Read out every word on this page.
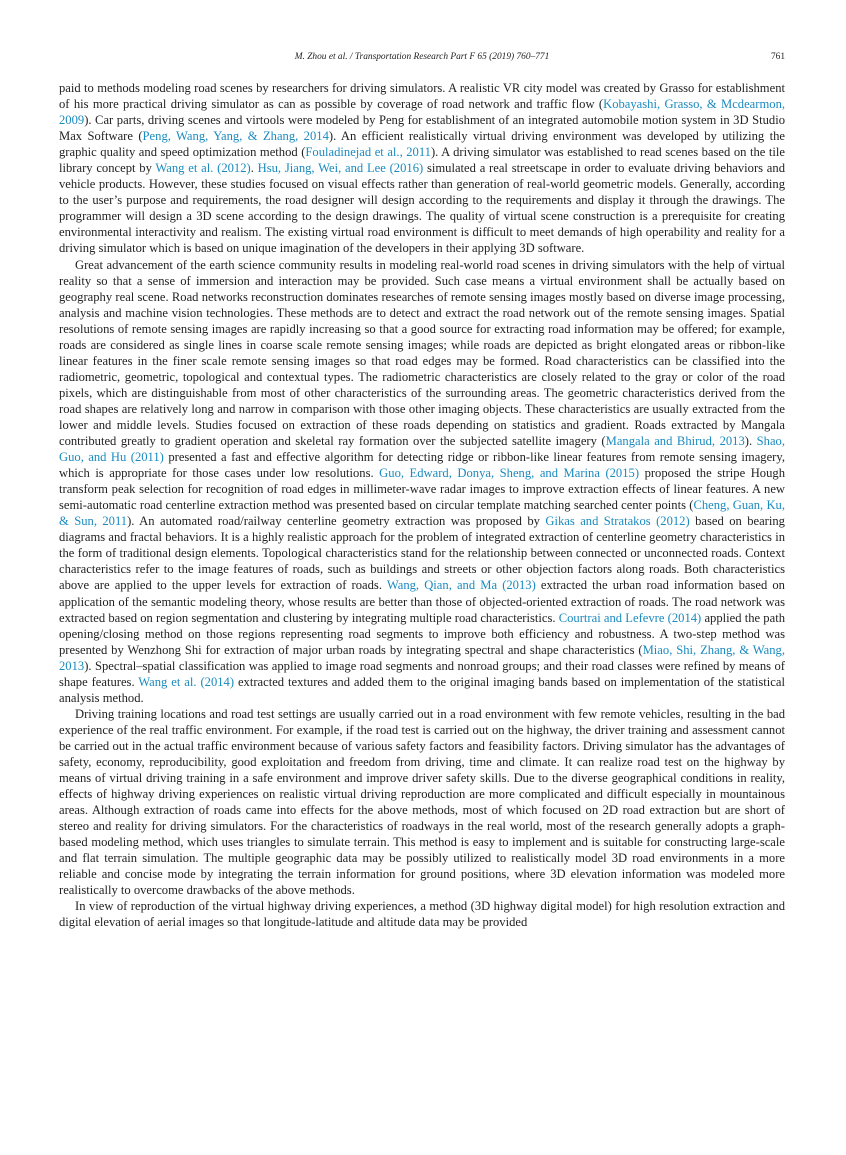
M. Zhou et al. / Transportation Research Part F 65 (2019) 760–771	761

paid to methods modeling road scenes by researchers for driving simulators. A realistic VR city model was created by Grasso for establishment of his more practical driving simulator as can as possible by coverage of road network and traffic flow (Kobayashi, Grasso, & Mcdearmon, 2009). Car parts, driving scenes and virtools were modeled by Peng for establishment of an integrated automobile motion system in 3D Studio Max Software (Peng, Wang, Yang, & Zhang, 2014). An efficient realistically virtual driving environment was developed by utilizing the graphic quality and speed optimization method (Fouladinejad et al., 2011). A driving simulator was established to read scenes based on the tile library concept by Wang et al. (2012). Hsu, Jiang, Wei, and Lee (2016) simulated a real streetscape in order to evaluate driving behaviors and vehicle products. However, these studies focused on visual effects rather than generation of real-world geometric models. Generally, according to the user’s purpose and requirements, the road designer will design according to the requirements and display it through the drawings. The programmer will design a 3D scene according to the design drawings. The quality of virtual scene construction is a prerequisite for creating environmental interactivity and realism. The existing virtual road environment is difficult to meet demands of high operability and reality for a driving simulator which is based on unique imagination of the developers in their applying 3D software.

Great advancement of the earth science community results in modeling real-world road scenes in driving simulators with the help of virtual reality so that a sense of immersion and interaction may be provided. Such case means a virtual environment shall be actually based on geography real scene. Road networks reconstruction dominates researches of remote sensing images mostly based on diverse image processing, analysis and machine vision technologies. These methods are to detect and extract the road network out of the remote sensing images. Spatial resolutions of remote sensing images are rapidly increasing so that a good source for extracting road information may be offered; for example, roads are considered as single lines in coarse scale remote sensing images; while roads are depicted as bright elongated areas or ribbon-like linear features in the finer scale remote sensing images so that road edges may be formed. Road characteristics can be classified into the radiometric, geometric, topological and contextual types. The radiometric characteristics are closely related to the gray or color of the road pixels, which are distinguishable from most of other characteristics of the surrounding areas. The geometric characteristics derived from the road shapes are relatively long and narrow in comparison with those other imaging objects. These characteristics are usually extracted from the lower and middle levels. Studies focused on extraction of these roads depending on statistics and gradient. Roads extracted by Mangala contributed greatly to gradient operation and skeletal ray formation over the subjected satellite imagery (Mangala and Bhirud, 2013). Shao, Guo, and Hu (2011) presented a fast and effective algorithm for detecting ridge or ribbon-like linear features from remote sensing imagery, which is appropriate for those cases under low resolutions. Guo, Edward, Donya, Sheng, and Marina (2015) proposed the stripe Hough transform peak selection for recognition of road edges in millimeter-wave radar images to improve extraction effects of linear features. A new semi-automatic road centerline extraction method was presented based on circular template matching searched center points (Cheng, Guan, Ku, & Sun, 2011). An automated road/railway centerline geometry extraction was proposed by Gikas and Stratakos (2012) based on bearing diagrams and fractal behaviors. It is a highly realistic approach for the problem of integrated extraction of centerline geometry characteristics in the form of traditional design elements. Topological characteristics stand for the relationship between connected or unconnected roads. Context characteristics refer to the image features of roads, such as buildings and streets or other objection factors along roads. Both characteristics above are applied to the upper levels for extraction of roads. Wang, Qian, and Ma (2013) extracted the urban road information based on application of the semantic modeling theory, whose results are better than those of objected-oriented extraction of roads. The road network was extracted based on region segmentation and clustering by integrating multiple road characteristics. Courtrai and Lefevre (2014) applied the path opening/closing method on those regions representing road segments to improve both efficiency and robustness. A two-step method was presented by Wenzhong Shi for extraction of major urban roads by integrating spectral and shape characteristics (Miao, Shi, Zhang, & Wang, 2013). Spectral–spatial classification was applied to image road segments and nonroad groups; and their road classes were refined by means of shape features. Wang et al. (2014) extracted textures and added them to the original imaging bands based on implementation of the statistical analysis method.

Driving training locations and road test settings are usually carried out in a road environment with few remote vehicles, resulting in the bad experience of the real traffic environment. For example, if the road test is carried out on the highway, the driver training and assessment cannot be carried out in the actual traffic environment because of various safety factors and feasibility factors. Driving simulator has the advantages of safety, economy, reproducibility, good exploitation and freedom from driving, time and climate. It can realize road test on the highway by means of virtual driving training in a safe environment and improve driver safety skills. Due to the diverse geographical conditions in reality, effects of highway driving experiences on realistic virtual driving reproduction are more complicated and difficult especially in mountainous areas. Although extraction of roads came into effects for the above methods, most of which focused on 2D road extraction but are short of stereo and reality for driving simulators. For the characteristics of roadways in the real world, most of the research generally adopts a graph-based modeling method, which uses triangles to simulate terrain. This method is easy to implement and is suitable for constructing large-scale and flat terrain simulation. The multiple geographic data may be possibly utilized to realistically model 3D road environments in a more reliable and concise mode by integrating the terrain information for ground positions, where 3D elevation information was modeled more realistically to overcome drawbacks of the above methods.

In view of reproduction of the virtual highway driving experiences, a method (3D highway digital model) for high resolution extraction and digital elevation of aerial images so that longitude-latitude and altitude data may be provided
